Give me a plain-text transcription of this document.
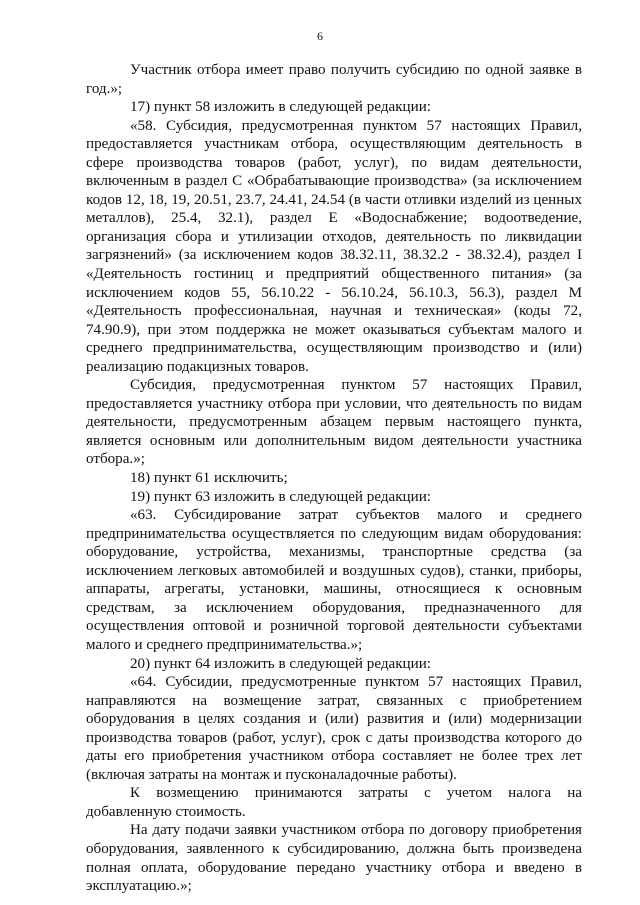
6

Участник отбора имеет право получить субсидию по одной заявке в год.»;

17) пункт 58 изложить в следующей редакции:

«58. Субсидия, предусмотренная пунктом 57 настоящих Правил, предоставляется участникам отбора, осуществляющим деятельность в сфере производства товаров (работ, услуг), по видам деятельности, включенным в раздел С «Обрабатывающие производства» (за исключением кодов 12, 18, 19, 20.51, 23.7, 24.41, 24.54 (в части отливки изделий из ценных металлов), 25.4, 32.1), раздел Е «Водоснабжение; водоотведение, организация сбора и утилизации отходов, деятельность по ликвидации загрязнений» (за исключением кодов 38.32.11, 38.32.2 - 38.32.4), раздел I «Деятельность гостиниц и предприятий общественного питания» (за исключением кодов 55, 56.10.22 - 56.10.24, 56.10.3, 56.3), раздел М «Деятельность профессиональная, научная и техническая» (коды 72, 74.90.9), при этом поддержка не может оказываться субъектам малого и среднего предпринимательства, осуществляющим производство и (или) реализацию подакцизных товаров.

Субсидия, предусмотренная пунктом 57 настоящих Правил, предоставляется участнику отбора при условии, что деятельность по видам деятельности, предусмотренным абзацем первым настоящего пункта, является основным или дополнительным видом деятельности участника отбора.»;

18) пункт 61 исключить;

19) пункт 63 изложить в следующей редакции:

«63. Субсидирование затрат субъектов малого и среднего предпринимательства осуществляется по следующим видам оборудования: оборудование, устройства, механизмы, транспортные средства (за исключением легковых автомобилей и воздушных судов), станки, приборы, аппараты, агрегаты, установки, машины, относящиеся к основным средствам, за исключением оборудования, предназначенного для осуществления оптовой и розничной торговой деятельности субъектами малого и среднего предпринимательства.»;

20) пункт 64 изложить в следующей редакции:

«64. Субсидии, предусмотренные пунктом 57 настоящих Правил, направляются на возмещение затрат, связанных с приобретением оборудования в целях создания и (или) развития и (или) модернизации производства товаров (работ, услуг), срок с даты производства которого до даты его приобретения участником отбора составляет не более трех лет (включая затраты на монтаж и пусконаладочные работы).

К возмещению принимаются затраты с учетом налога на добавленную стоимость.

На дату подачи заявки участником отбора по договору приобретения оборудования, заявленного к субсидированию, должна быть произведена полная оплата, оборудование передано участнику отбора и введено в эксплуатацию.»;
